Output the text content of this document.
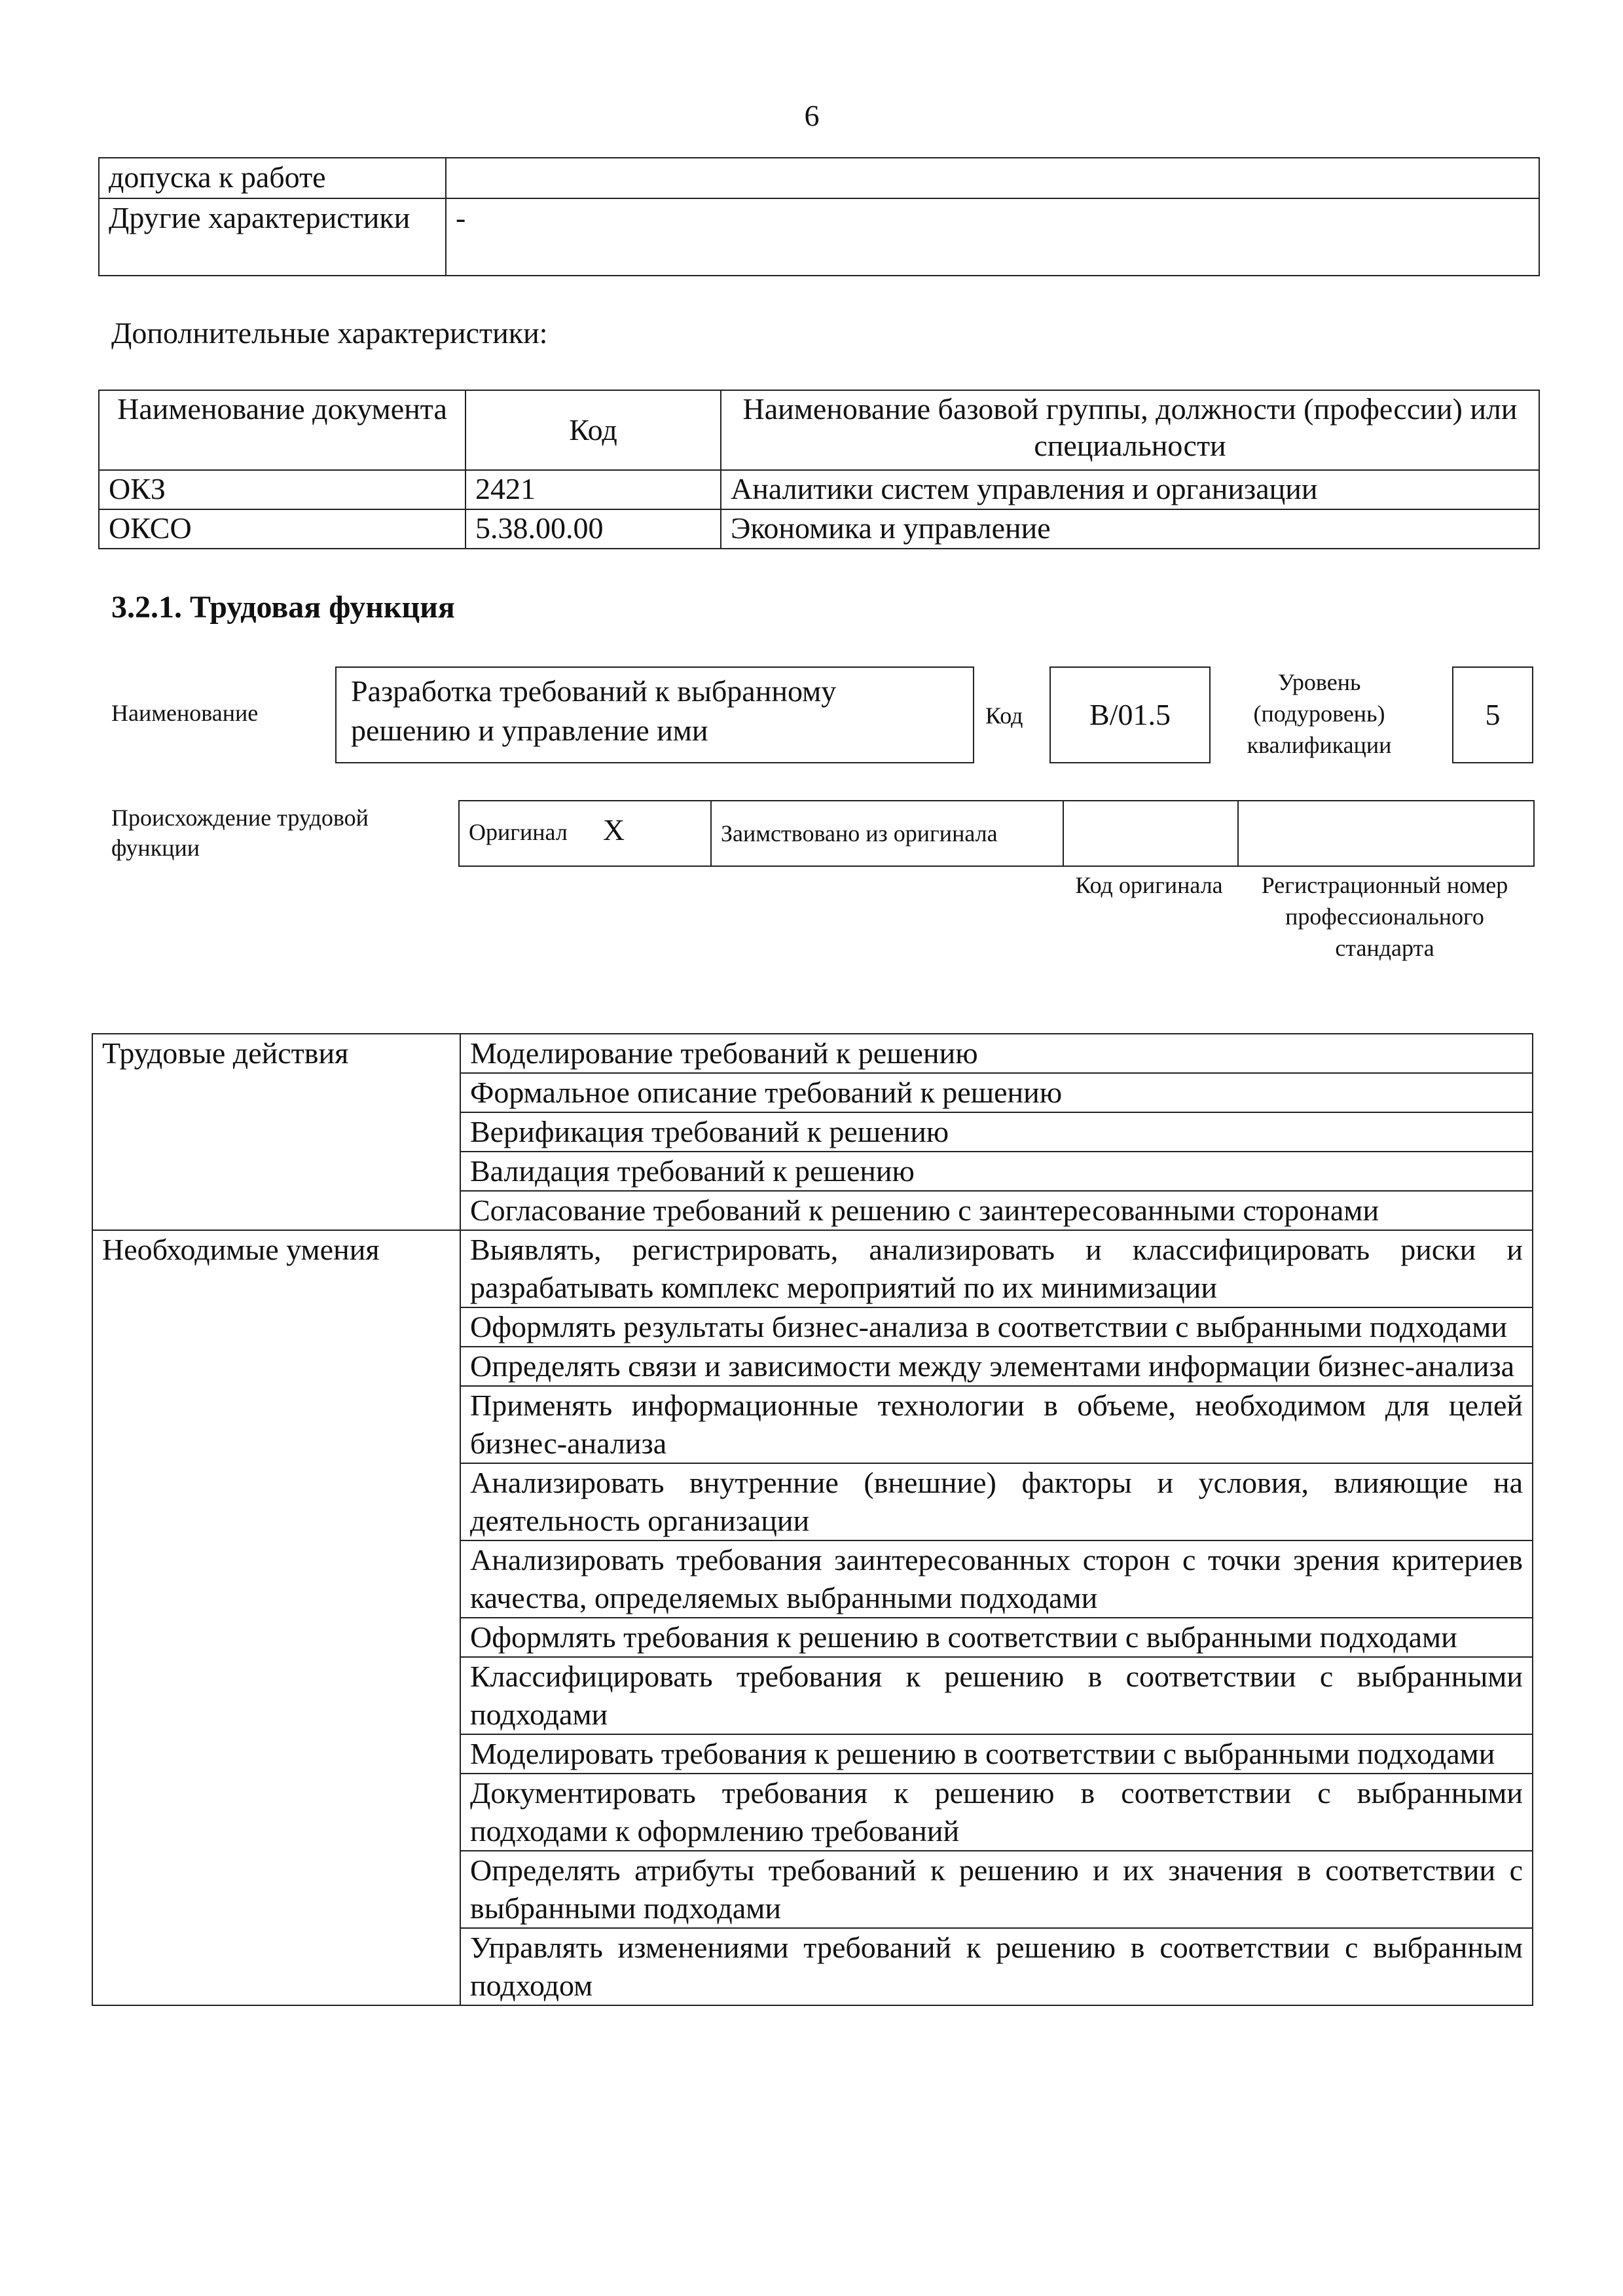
6
допуска к работе	
Другие характеристики	-
Дополнительные характеристики:
Наименование документа	Код	Наименование базовой группы, должности (профессии) или специальности
ОКЗ	2421	Аналитики систем управления и организации
ОКСО	5.38.00.00	Экономика и управление
3.2.1. Трудовая функция
Наименование
Разработка требований к выбранному решению и управление ими	Код	B/01.5
Уровень (подуровень) квалификации
5
Происхождение трудовой функции
Оригинал X	Заимствовано из оригинала		
Код оригинала	Регистрационный номер профессионального стандарта
Трудовые действия	Моделирование требований к решению
	Формальное описание требований к решению
	Верификация требований к решению
	Валидация требований к решению
	Согласование требований к решению с заинтересованными сторонами
Необходимые умения	Выявлять, регистрировать, анализировать и классифицировать риски и разрабатывать комплекс мероприятий по их минимизации
	Оформлять результаты бизнес-анализа в соответствии с выбранными подходами
	Определять связи и зависимости между элементами информации бизнес-анализа
	Применять информационные технологии в объеме, необходимом для целей бизнес-анализа
	Анализировать внутренние (внешние) факторы и условия, влияющие на деятельность организации
	Анализировать требования заинтересованных сторон с точки зрения критериев качества, определяемых выбранными подходами
	Оформлять требования к решению в соответствии с выбранными подходами
	Классифицировать требования к решению в соответствии с выбранными подходами
	Моделировать требования к решению в соответствии с выбранными подходами
	Документировать требования к решению в соответствии с выбранными подходами к оформлению требований
	Определять атрибуты требований к решению и их значения в соответствии с выбранными подходами
	Управлять изменениями требований к решению в соответствии с выбранным подходом
